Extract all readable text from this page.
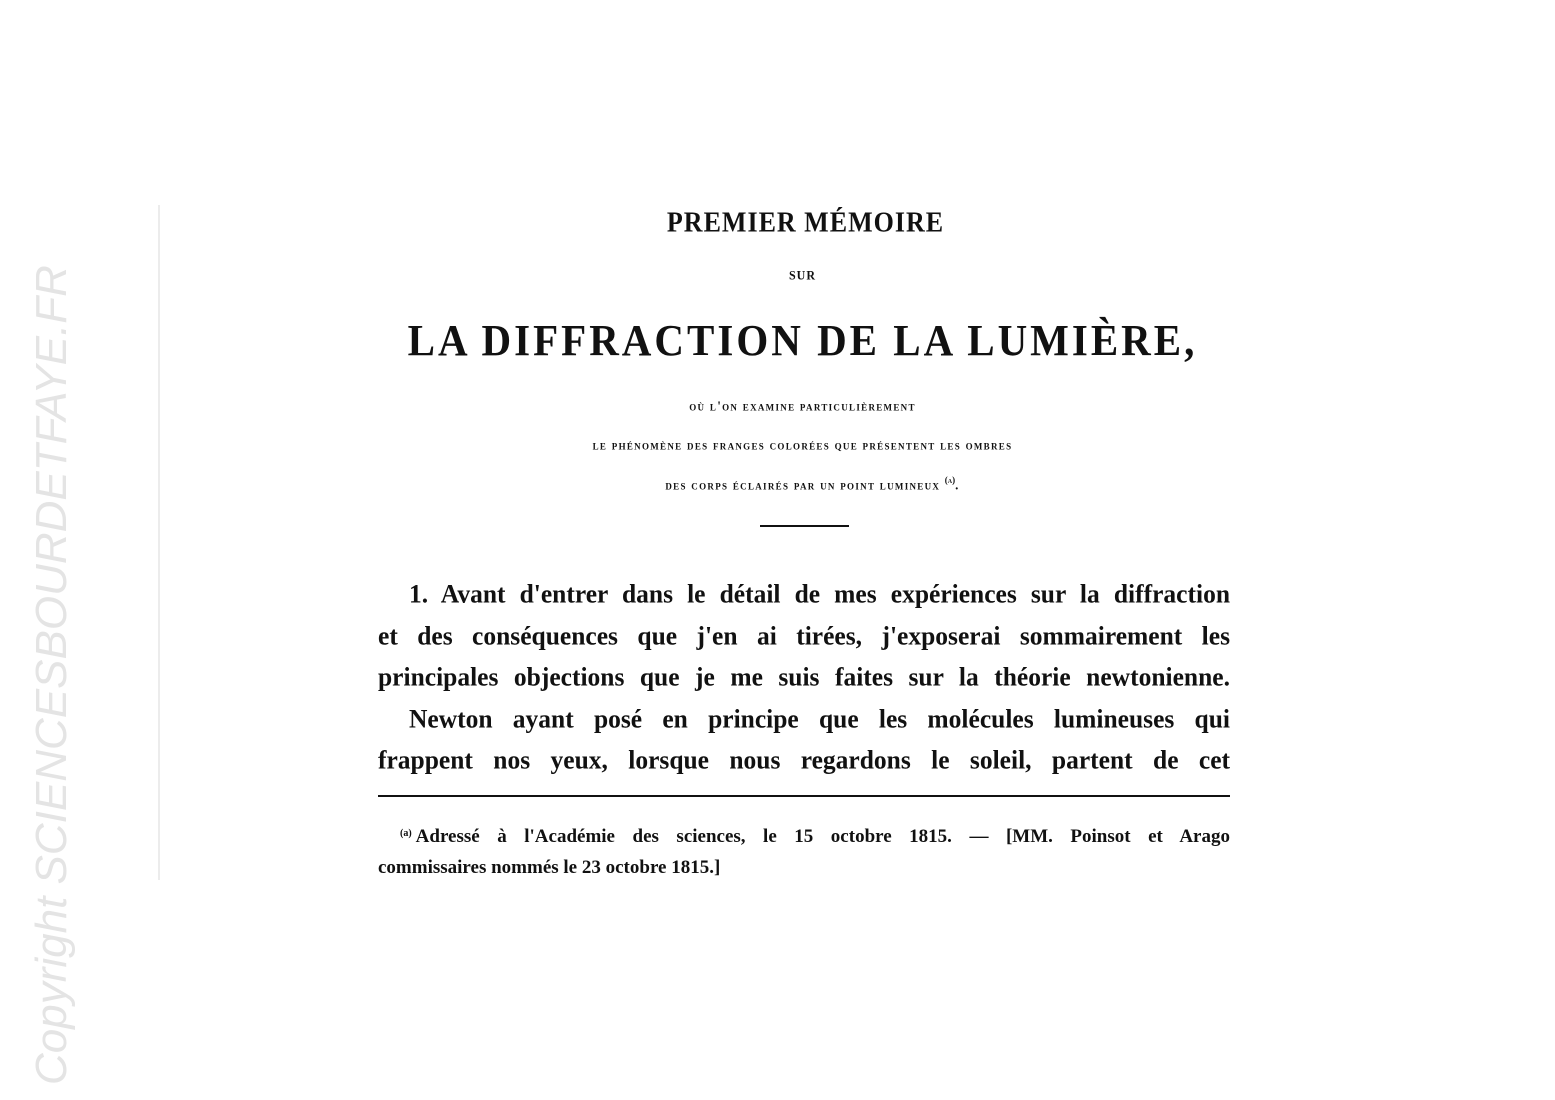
Copyright SCIENCESBOURDETFAYE.FR
PREMIER MÉMOIRE
SUR
LA DIFFRACTION DE LA LUMIÈRE,
où l'on examine particulièrement
le phénomène des franges colorées que présentent les ombres
des corps éclairés par un point lumineux $^{(a)}$.
1. Avant d'entrer dans le détail de mes expériences sur la diffraction
et des conséquences que j'en ai tirées, j'exposerai sommairement les
principales objections que je me suis faites sur la théorie newtonienne.
Newton ayant posé en principe que les molécules lumineuses qui
frappent nos yeux, lorsque nous regardons le soleil, partent de cet
$^{(a)}$ Adressé à l'Académie des sciences, le 15 octobre 1815. — [MM. Poinsot et Arago
commissaires nommés le 23 octobre 1815.]
